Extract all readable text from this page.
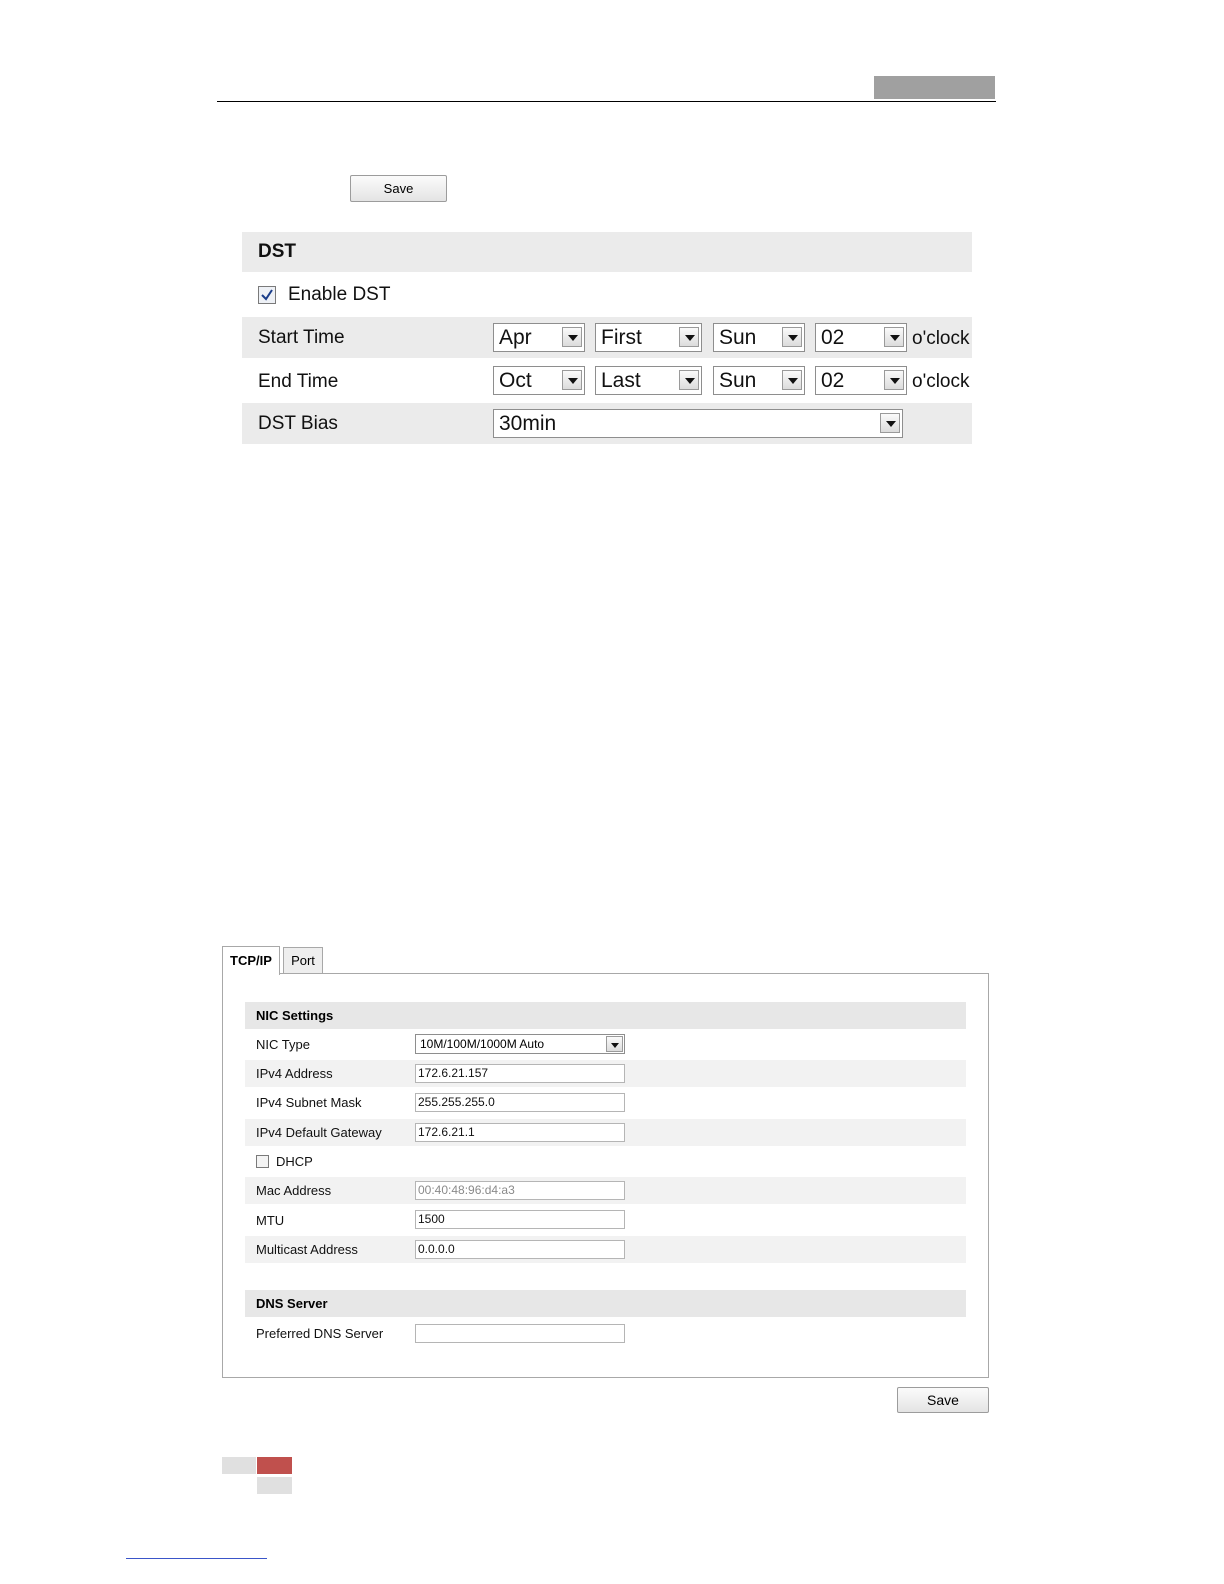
Save
DST
Enable DST
Start Time	Apr	First	Sun	02	o'clock
End Time	Oct	Last	Sun	02	o'clock
DST Bias	30min
TCP/IP	Port
NIC Settings
NIC Type	10M/100M/1000M Auto
IPv4 Address	172.6.21.157
IPv4 Subnet Mask	255.255.255.0
IPv4 Default Gateway	172.6.21.1
DHCP
Mac Address	00:40:48:96:d4:a3
MTU	1500
Multicast Address	0.0.0.0
DNS Server
Preferred DNS Server
Save
